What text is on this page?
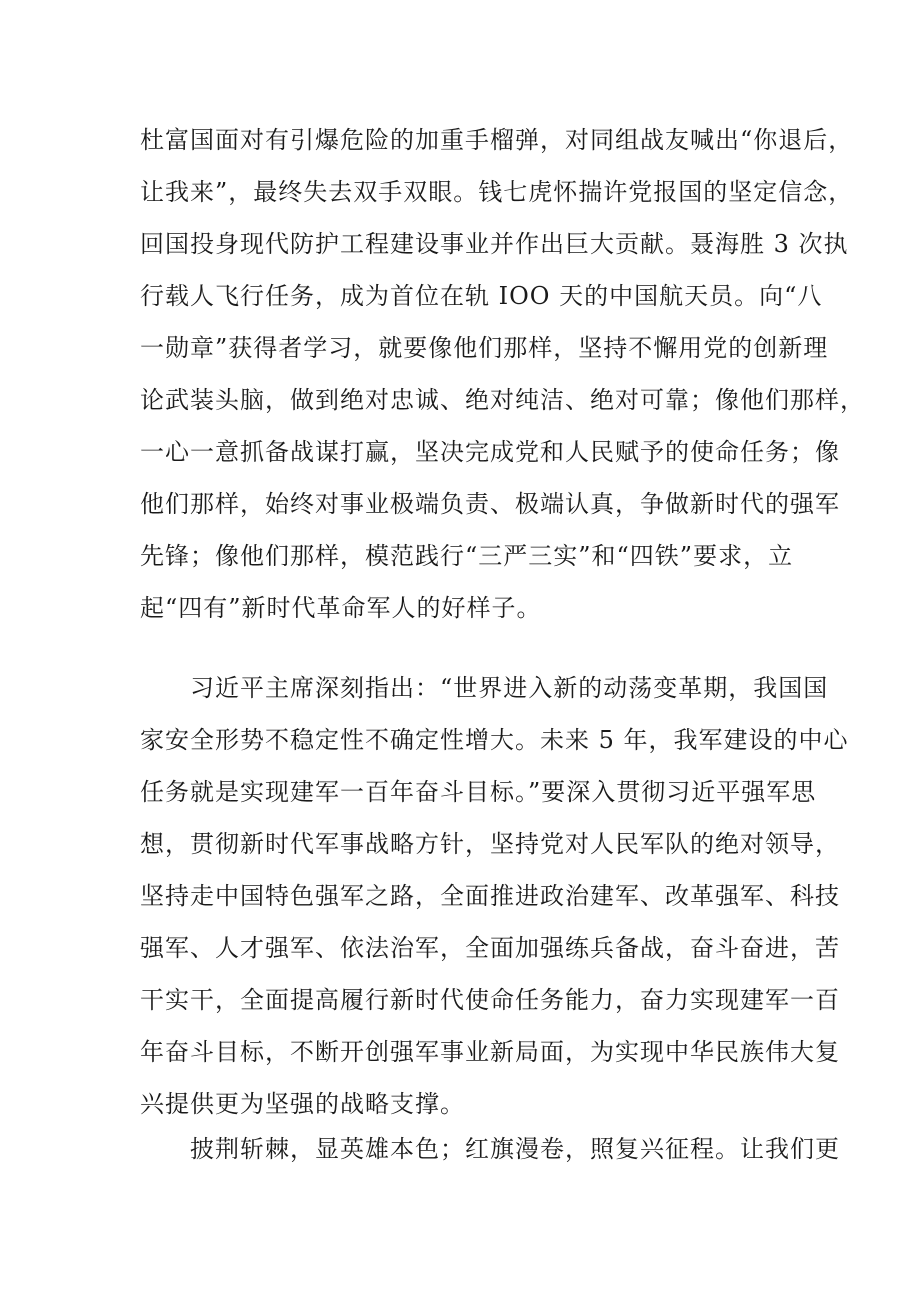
杜富国面对有引爆危险的加重手榴弹，对同组战友喊出“你退后，
让我来”，最终失去双手双眼。钱七虎怀揣许党报国的坚定信念，
回国投身现代防护工程建设事业并作出巨大贡献。聂海胜 3 次执
行载人飞行任务，成为首位在轨 IOO 天的中国航天员。向“八
一勋章”获得者学习，就要像他们那样，坚持不懈用党的创新理
论武装头脑，做到绝对忠诚、绝对纯洁、绝对可靠；像他们那样，
一心一意抓备战谋打赢，坚决完成党和人民赋予的使命任务；像
他们那样，始终对事业极端负责、极端认真，争做新时代的强军
先锋；像他们那样，模范践行“三严三实”和“四铁”要求，立
起“四有”新时代革命军人的好样子。

　　习近平主席深刻指出：“世界进入新的动荡变革期，我国国
家安全形势不稳定性不确定性增大。未来 5 年，我军建设的中心
任务就是实现建军一百年奋斗目标。”要深入贯彻习近平强军思
想，贯彻新时代军事战略方针，坚持党对人民军队的绝对领导，
坚持走中国特色强军之路，全面推进政治建军、改革强军、科技
强军、人才强军、依法治军，全面加强练兵备战，奋斗奋进，苦
干实干，全面提高履行新时代使命任务能力，奋力实现建军一百
年奋斗目标，不断开创强军事业新局面，为实现中华民族伟大复
兴提供更为坚强的战略支撑。

　　披荆斩棘，显英雄本色；红旗漫卷，照复兴征程。让我们更
